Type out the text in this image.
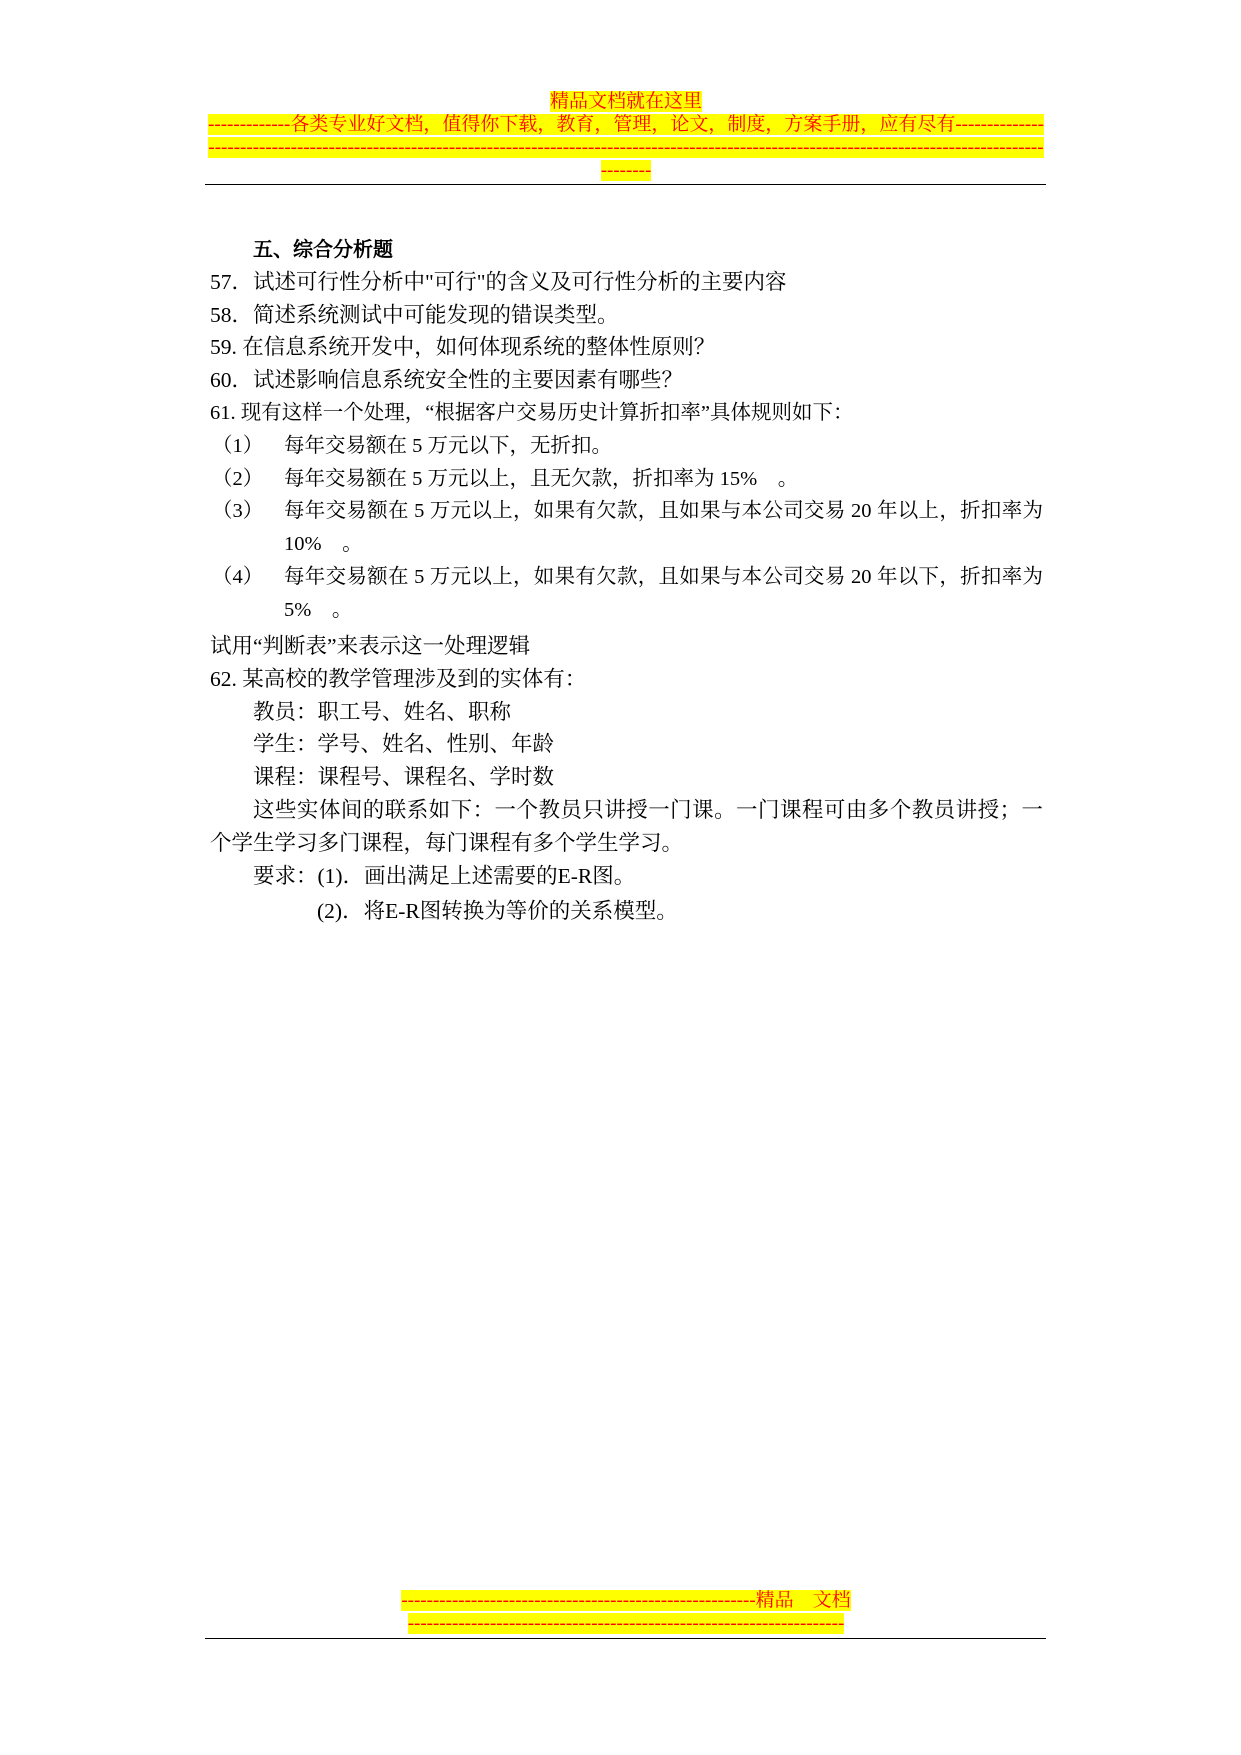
精品文档就在这里
-------------各类专业好文档，值得你下载，教育，管理，论文，制度，方案手册，应有尽有--------------
------------------------------------------------------------------------------------------------------------------------------------
--------
五、综合分析题
57．试述可行性分析中"可行"的含义及可行性分析的主要内容
58．简述系统测试中可能发现的错误类型。
59. 在信息系统开发中，如何体现系统的整体性原则？
60．试述影响信息系统安全性的主要因素有哪些？
61. 现有这样一个处理，“根据客户交易历史计算折扣率”具体规则如下：
（1） 每年交易额在 5 万元以下，无折扣。
（2） 每年交易额在 5 万元以上，且无欠款，折扣率为 15%　。
（3） 每年交易额在 5 万元以上，如果有欠款，且如果与本公司交易 20 年以上，折扣率为
10%　。
（4） 每年交易额在 5 万元以上，如果有欠款，且如果与本公司交易 20 年以下，折扣率为
5%　。
试用“判断表”来表示这一处理逻辑
62. 某高校的教学管理涉及到的实体有：
教员：职工号、姓名、职称
学生：学号、姓名、性别、年龄
课程：课程号、课程名、学时数
这些实体间的联系如下：一个教员只讲授一门课。一门课程可由多个教员讲授；一
个学生学习多门课程，每门课程有多个学生学习。
要求：(1)．画出满足上述需要的E-R图。
(2)．将E-R图转换为等价的关系模型。
--------------------------------------------------------精品　文档
---------------------------------------------------------------------
